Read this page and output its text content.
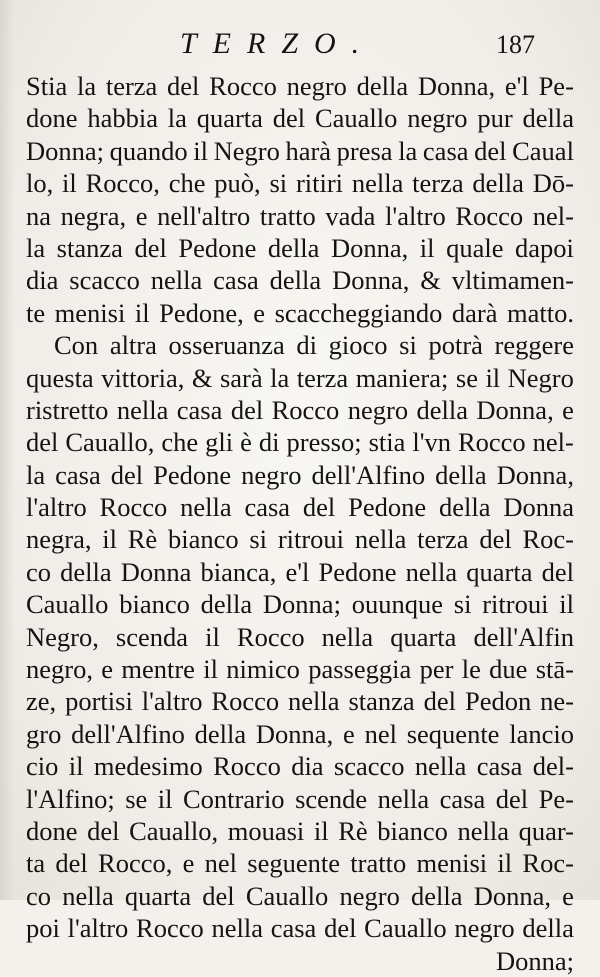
TERZO.	187
Stia la terza del Rocco negro della Donna, e'l Pe-
done habbia la quarta del Cauallo negro pur della
Donna; quando il Negro harà presa la casa del Caual
lo, il Rocco, che può, si ritiri nella terza della Dō-
na negra, e nell'altro tratto vada l'altro Rocco nel-
la stanza del Pedone della Donna, il quale dapoi
dia scacco nella casa della Donna, & vltimamen-
te menisi il Pedone, e scaccheggiando darà matto.
Con altra osseruanza di gioco si potrà reggere
questa vittoria, & sarà la terza maniera; se il Negro
ristretto nella casa del Rocco negro della Donna, e
del Cauallo, che gli è di presso; stia l'vn Rocco nel-
la casa del Pedone negro dell'Alfino della Donna,
l'altro Rocco nella casa del Pedone della Donna
negra, il Rè bianco si ritroui nella terza del Roc-
co della Donna bianca, e'l Pedone nella quarta del
Cauallo bianco della Donna; ouunque si ritroui il
Negro, scenda il Rocco nella quarta dell'Alfin
negro, e mentre il nimico passeggia per le due stā-
ze, portisi l'altro Rocco nella stanza del Pedon ne-
gro dell'Alfino della Donna, e nel sequente lancio
cio il medesimo Rocco dia scacco nella casa del-
l'Alfino; se il Contrario scende nella casa del Pe-
done del Cauallo, mouasi il Rè bianco nella quar-
ta del Rocco, e nel seguente tratto menisi il Roc-
co nella quarta del Cauallo negro della Donna, e
poi l'altro Rocco nella casa del Cauallo negro della
Donna;
